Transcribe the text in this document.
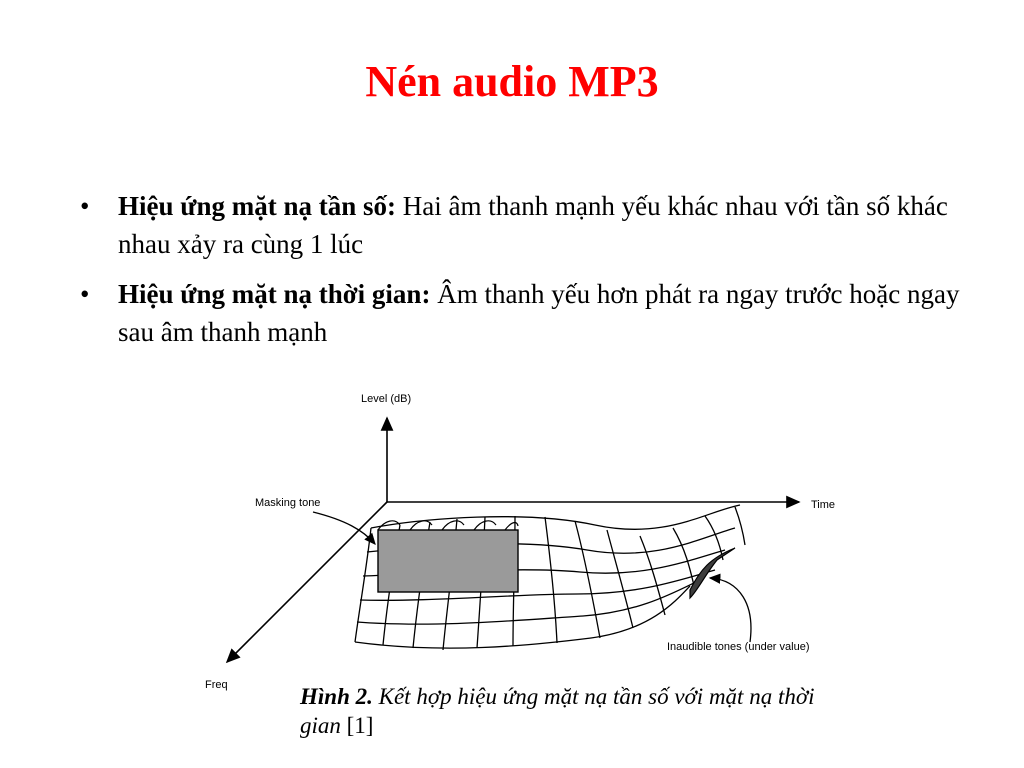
Nén audio MP3
• Hiệu ứng mặt nạ tần số: Hai âm thanh mạnh yếu khác nhau với tần số khác nhau xảy ra cùng 1 lúc
• Hiệu ứng mặt nạ thời gian: Âm thanh yếu hơn phát ra ngay trước hoặc ngay sau âm thanh mạnh
Level (dB)
Time
Freq
Masking tone
Inaudible tones (under value)
Hình 2. Kết hợp hiệu ứng mặt nạ tần số với mặt nạ thời gian [1]
